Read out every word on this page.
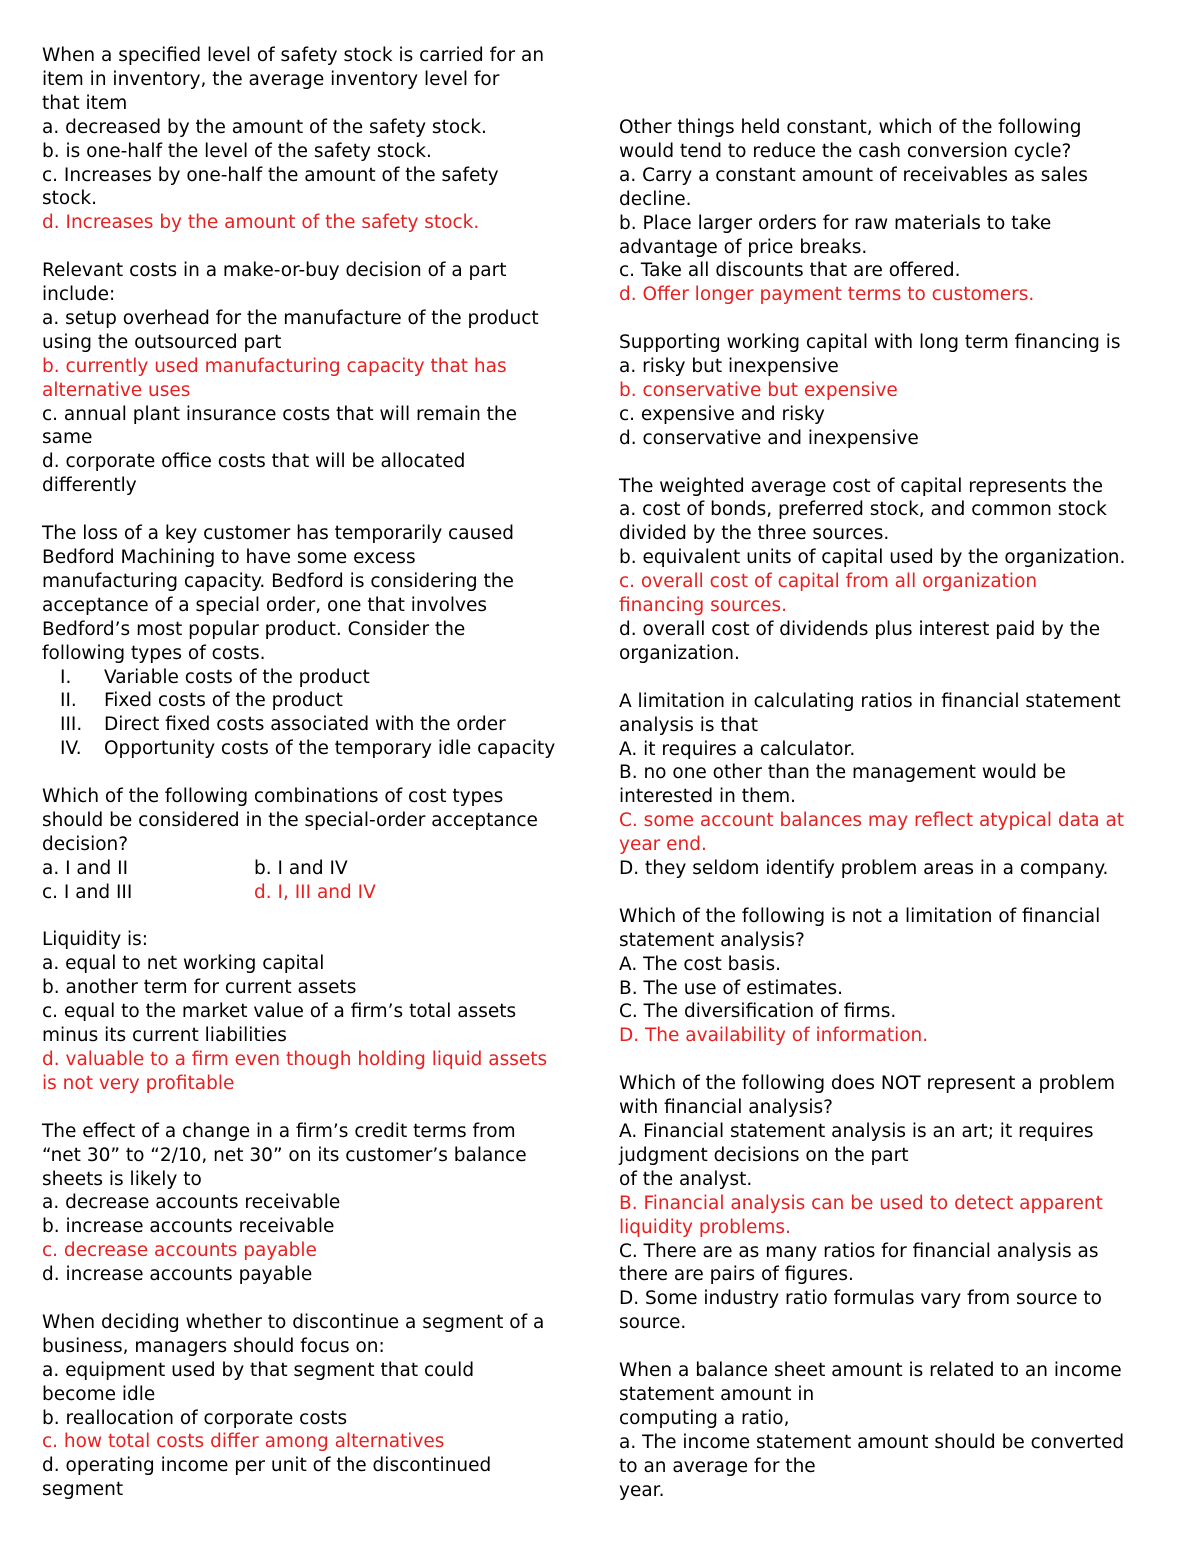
When a specified level of safety stock is carried for an
item in inventory, the average inventory level for
that item
a. decreased by the amount of the safety stock.
b. is one-half the level of the safety stock.
c. Increases by one-half the amount of the safety
stock.
d. Increases by the amount of the safety stock.
Relevant costs in a make-or-buy decision of a part
include:
a. setup overhead for the manufacture of the product
using the outsourced part
b. currently used manufacturing capacity that has
alternative uses
c. annual plant insurance costs that will remain the
same
d. corporate office costs that will be allocated
differently
The loss of a key customer has temporarily caused
Bedford Machining to have some excess
manufacturing capacity. Bedford is considering the
acceptance of a special order, one that involves
Bedford’s most popular product. Consider the
following types of costs.
I.	Variable costs of the product
II.	Fixed costs of the product
III.	Direct fixed costs associated with the order
IV.	Opportunity costs of the temporary idle capacity
Which of the following combinations of cost types
should be considered in the special-order acceptance
decision?
a. I and II	b. I and IV
c. I and III	d. I, III and IV
Liquidity is:
a. equal to net working capital
b. another term for current assets
c. equal to the market value of a firm’s total assets
minus its current liabilities
d. valuable to a firm even though holding liquid assets
is not very profitable
The effect of a change in a firm’s credit terms from
“net 30” to “2/10, net 30” on its customer’s balance
sheets is likely to
a. decrease accounts receivable
b. increase accounts receivable
c. decrease accounts payable
d. increase accounts payable
When deciding whether to discontinue a segment of a
business, managers should focus on:
a. equipment used by that segment that could
become idle
b. reallocation of corporate costs
c. how total costs differ among alternatives
d. operating income per unit of the discontinued
segment
Other things held constant, which of the following
would tend to reduce the cash conversion cycle?
a. Carry a constant amount of receivables as sales
decline.
b. Place larger orders for raw materials to take
advantage of price breaks.
c. Take all discounts that are offered.
d. Offer longer payment terms to customers.
Supporting working capital with long term financing is
a. risky but inexpensive
b. conservative but expensive
c. expensive and risky
d. conservative and inexpensive
The weighted average cost of capital represents the
a. cost of bonds, preferred stock, and common stock
divided by the three sources.
b. equivalent units of capital used by the organization.
c. overall cost of capital from all organization
financing sources.
d. overall cost of dividends plus interest paid by the
organization.
A limitation in calculating ratios in financial statement
analysis is that
A. it requires a calculator.
B. no one other than the management would be
interested in them.
C. some account balances may reflect atypical data at
year end.
D. they seldom identify problem areas in a company.
Which of the following is not a limitation of financial
statement analysis?
A. The cost basis.
B. The use of estimates.
C. The diversification of firms.
D. The availability of information.
Which of the following does NOT represent a problem
with financial analysis?
A. Financial statement analysis is an art; it requires
judgment decisions on the part
of the analyst.
B. Financial analysis can be used to detect apparent
liquidity problems.
C. There are as many ratios for financial analysis as
there are pairs of figures.
D. Some industry ratio formulas vary from source to
source.
When a balance sheet amount is related to an income
statement amount in
computing a ratio,
a. The income statement amount should be converted
to an average for the
year.
